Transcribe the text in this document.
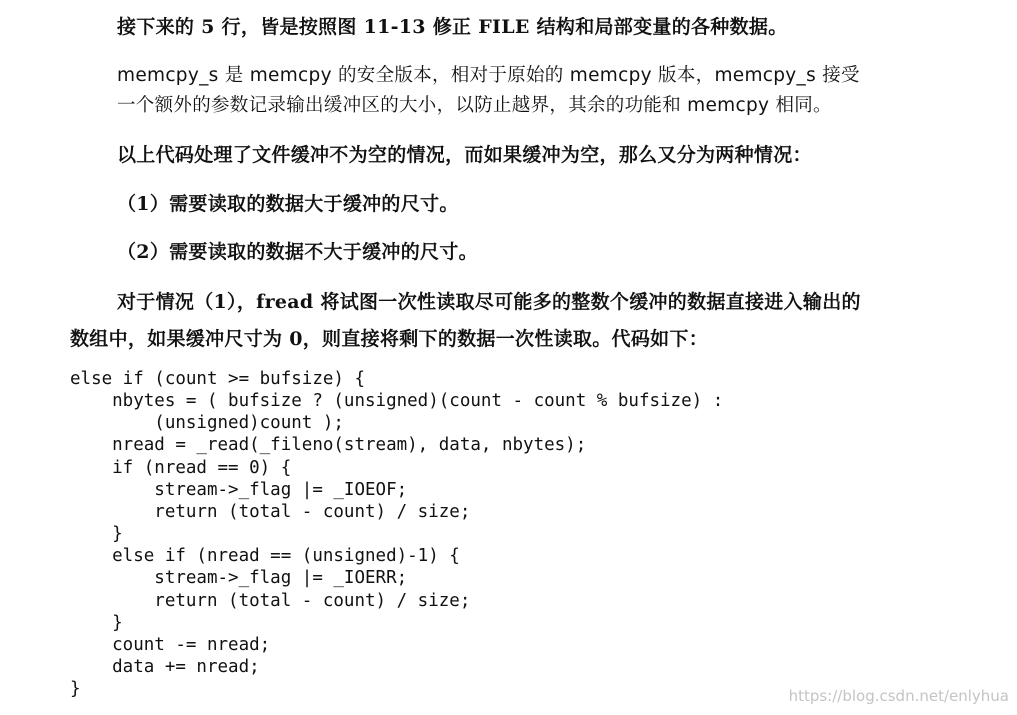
接下来的 5 行，皆是按照图 11-13 修正 FILE 结构和局部变量的各种数据。
memcpy_s 是 memcpy 的安全版本，相对于原始的 memcpy 版本，memcpy_s 接受
一个额外的参数记录输出缓冲区的大小，以防止越界，其余的功能和 memcpy 相同。
以上代码处理了文件缓冲不为空的情况，而如果缓冲为空，那么又分为两种情况：
（1）需要读取的数据大于缓冲的尺寸。
（2）需要读取的数据不大于缓冲的尺寸。
对于情况（1），fread 将试图一次性读取尽可能多的整数个缓冲的数据直接进入输出的
数组中，如果缓冲尺寸为 0，则直接将剩下的数据一次性读取。代码如下：
else if (count >= bufsize) {
nbytes = ( bufsize ? (unsigned)(count - count % bufsize) :
(unsigned)count );
nread = _read(_fileno(stream), data, nbytes);
if (nread == 0) {
stream->_flag |= _IOEOF;
return (total - count) / size;
}
else if (nread == (unsigned)-1) {
stream->_flag |= _IOERR;
return (total - count) / size;
}
count -= nread;
data += nread;
}	https://blog.csdn.net/enlyhua
